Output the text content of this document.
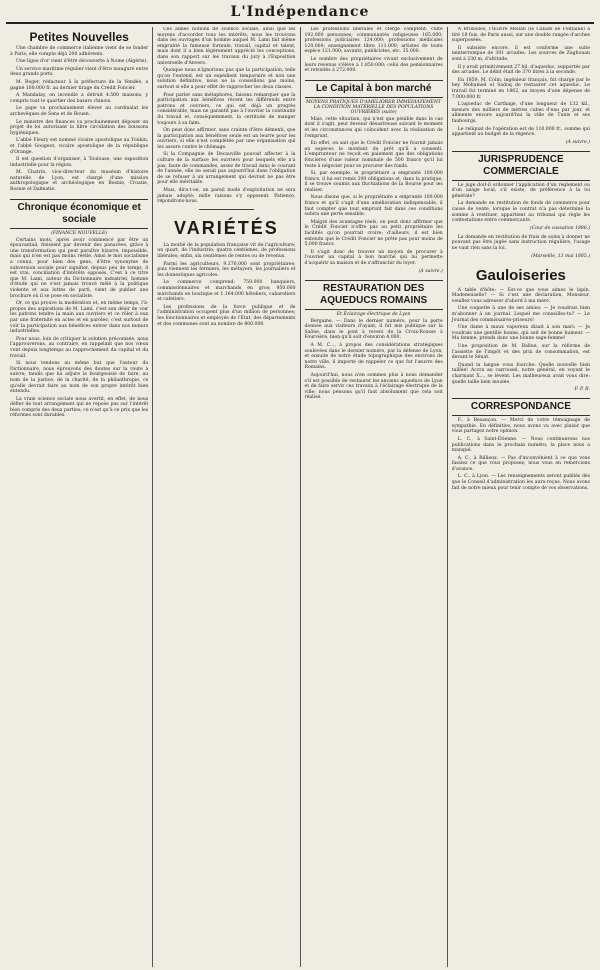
L'Indépendance
Petites Nouvelles
Une chambre de commerce italienne vient de se fonder à Paris; elle compte déjà 200 adhérents.
Une ligue d'or vient d'être découverte à Nome (Algérie).
Un service maritime régulier vient d'être inauguré entre deux grands ports.
M. Roger, rédacteur à la préfecture de la Vendée, a gagné 100.000 fr. au dernier tirage du Crédit Foncier.
A Mandalay, on incendie a détruit 4.500 maisons, y compris tout le quartier des bazars chinois.
Le pape va prochainement élever au cardinalat les archevêques de Sens et de Rouen.
Le ministre des finances va prochainement déposer un projet de loi autorisant la libre circulation des boissons hygiéniques.
L'abbé Fleury est nommé vicaire apostolique au Tonkin, et l'abbé Gougeot, vicaire apostolique de la république d'Orange.
Il est question d'organiser, à Toulouse, une exposition industrielle pour la région.
M. Chatrin, vice-directeur du muséum d'histoire naturelle de Lyon, est chargé d'une mission anthropologique et archéologique en Bosnie, Croatie, Bosnie et Dalmatie.
Chronique économique et sociale
(FINANCE NOUVELLE)
Certains mots, après avoir commencé par être un épouvantail, finissent par devenir des panacées, grâce à une transformation qui peut paraître bizarre, impossible, mais qui n'en est pas moins réelle. Ainsi le mot socialisme a connu, pour bien des gens, d'être synonyme de subversion sociale pour signifier, depuis peu de temps, il est vrai, conciliation d'intérêts opposés. C'est à ce titre que M. Lami, auteur du Dictionnaire industriel, homme d'étude qui ne s'est jamais trouvé mêlé à la politique violente et aux luttes de parti, vient de publier une brochure où il se pose en socialiste.
Or, ce qui prouve la modération et, en même temps, l'à-propos des aspirations de M. Lami, c'est son désir de voir les patrons tendre la main aux ouvriers et ce rôler à eux par une fraternité en actes et en paroles; c'est surtout de voir la participation aux bénéfices entrer dans nos mœurs industrielles.
Pour nous, loin de critiquer la solution préconisée, nous l'approuverons, au contraire, en rappelant que nos vœux vont depuis longtemps au rapprochement du capital et du travail.
Si nous tendons au même but que l'auteur du Dictionnaire, nous éprouvons des doutes sur la route à suivre; tandis que lui adjure la bourgeoisie de faire, au nom de la justice, de la charité, de la philanthropie, ce qu'elle devrait faire au nom de son propre intérêt bien entendu.
La vraie science sociale nous avertit, en effet, de nous défier de tout arrangement qui ne repose pas sur l'intérêt bien compris des deux parties; ce n'est qu'à ce prix que les réformes sont durables.
Ces aimes notions de science sociale, ainsi que les moyens d'accorder tous les intérêts, nous les trouvons dans les ouvrages d'un homme auquel M. Lami fait même emprunté la fameuse formule, travail, capital et talent, mais dont il a bien légèrement apprécié les conceptions, dans son rapport sur les travaux du jury à l'Exposition universelle d'Anvers.
Quoique nous n'ignorions pas que la participation, telle qu'on l'entend, est un expédient temporaire et non une solution définitive, nous ne la conseillons pas moins, surtout si elle a pour effet de rapprocher les deux classes.
Pour parler sans métaphores, faisons remarquer que la participation aux bénéfices récent les différends entre patrons et ouvriers, ce qui est déjà un progrès considérable, mais ne garantit pas à l'ouvrier la continuité du travail et, conséquemment, la certitude de manger toujours à sa faim.
On peut donc affirmer, sans crainte d'être démenti, que la participation aux bénéfices seule est un leurre pour les ouvriers, si elle n'est complétée par une organisation qui les assure contre le chômage.
Si la Compagnie de Decauville pouvait affecter à la culture de la surface les ouvriers pour lesquels elle n'a pas, faute de commandes, assez de travail dans le courant de l'année, elle ne serait pas aujourd'hui dans l'obligation de se refuser à un arrangement qui devrait ne pas être pour elle inévitable.
Mais, dira-t-on, un pareil mode d'exploitation ne sera jamais adopté; mille raisons s'y opposent. Patience, répondrons-nous.
VARIÉTÉS
La moitié de la population française vit de l'agriculture; un quart, de l'industrie; quatre centièmes, de professions libérales; enfin, six centièmes de rentes ou de revenus.
Parmi les agriculteurs, 9.370.000 sont propriétaires; puis viennent les fermiers, les métayers, les journaliers et les domestiques agricoles.
Le commerce comprend: 750.000 banquiers, commissionnaires et marchands en gros; 950.000 marchands en boutique et 1.164.000 hôteliers, cabaretiers et cafetiers.
Les professions de la force publique et de l'administration occupent plus d'un million de personnes; les fonctionnaires et employés de l'État, des départements et des communes sont au nombre de 800.000.
Les professions libérales et clergé comptent: culte 192.000 personnes; communautés religieuses 165.000; professions judiciaires 124.000; professions médicales 120.000; enseignement libre 111.000; artistes de toute espèce 121.000; savants, publicistes, etc. 35.000.
Le nombre des propriétaires vivant exclusivement de leurs revenus s'élève à 1.850.000; celui des pensionnaires et retraités à 272.000.
Le Capital à bon marché
MOYENS PRATIQUES D'AMÉLIORER IMMÉDIATEMENT LA CONDITION MATÉRIELLE DES POPULATIONS OUVRIÈRES (suite)
Mais, cette situation, qui n'est que pénible dans le cas dont il s'agit, peut devenir désastreuse suivant le moment et les circonstances qui coïncident avec la réalisation de l'emprunt.
En effet, on sait que le Crédit Foncier ne fournit jamais en espèces le montant du prêt qu'il a consenti. L'emprunteur ne reçoit en paiement que des obligations foncières d'une valeur nominale de 500 francs qu'il lui reste à négocier pour se procurer des fonds.
Si, par exemple, le propriétaire a emprunté 100.000 francs, il lui est remis 200 obligations et, dans la pratique, il se trouve soumis aux fluctuations de la Bourse pour les réaliser.
Nous disons que, si le propriétaire a emprunté 100.000 francs et qu'il s'agit d'une amélioration indispensable, il faut compter que tout emprunt fait dans ces conditions subira une perte sensible.
Malgré des avantages réels, on peut donc affirmer que le Crédit Foncier n'offre pas au petit propriétaire les facilités qu'on pourrait croire; d'ailleurs, il est bien entendu que le Crédit Foncier ne prête pas pour moins de 5.000 francs.
Il s'agit donc de trouver un moyen de procurer à l'ouvrier un capital à bon marché qui lui permette d'acquérir sa maison et de s'affranchir du loyer.
(A suivre.)
RESTAURATION DES AQUEDUCS ROMAINS
Et Éclairage électrique de Lyon
Bergame. — Dans le dernier numéro, pour la perte donnée aux visiteurs d'ayant, il fut mis publique sur la Saône, dans le pont à revers de la Croix-Rousse à Fourvière, bien qu'il soit d'environ 4.000.
A M. C..., à propos des considérations stratégiques soulevées dans le dernier numéro, par la défense de Lyon, et ensuite de notre étude topographique des environs de notre ville, il importe de rappeler ce que fut l'œuvre des Romains.
Aujourd'hui, nous n'en sommes plus à nous demander s'il est possible de restaurer les anciens aqueducs de Lyon et de faire servir ces travaux à l'éclairage électrique de la ville; nous pensons qu'il faut absolument que cela soit réalisé.
A Bruxelles, l'Œuvre Meilan (le Calade de Fontaine) a tiré 18 fois, de Paris aussi, sur une double rangée d'arches superposées.
Il subsiste encore, il est conforme une suite ininterrompue de 301 arcades. Les sources de Zaghouan sont à 230 m. d'altitude.
Il y avait primitivement 27 kil. d'aqueduc, supportés par des arcades. Le débit était de 370 litres à la seconde.
En 1859, M. Colin, ingénieur français, fut chargé par le bey Mohamed el Sadoq de restaurer cet aqueduc. Le travail fut terminé en 1862, au moyen d'une dépense de 7.000.000 fr.
L'aqueduc de Carthage, d'une longueur de 132 kil., mesure des milliers de mètres cubes d'eau par jour, et alimente encore aujourd'hui la ville de Tunis et ses faubourgs.
Le reliquat de l'opération est de 110.000 fr., somme qui appartient au budget de la régence.
(A suivre.)
JURISPRUDENCE COMMERCIALE
Le juge doit-il ordonner l'application d'un règlement ou d'un usage local, s'il existe, de préférence à la loi générale?
La demande en restitution de fonds de commerce pour cause de vente, lorsque le contrat n'a pas déterminé la somme à restituer, appartient au tribunal qui règle les contestations entre commerçants.
(Cour de cassation 1886.)
La demande en restitution de frais de soins à donner ne pouvant pas être jugée sans instruction régulière, l'usage ne vaut rien sans la loi.
(Marseille, 13 mai 1885.)
Gauloiseries
A table d'hôte: — Est-ce que vous aimez le lapin, Mademoiselle? — Si c'est une déclaration, Monsieur, veuillez vous adresser d'abord à ma mère.
Une coquette à une de ses amies: — Je voudrais bien m'abonner à un journal. Lequel me conseilles-tu? — Le Journal des commissaires-priseurs!
Une dame à maux vaporeux disait à son mari: — Je voudrais une gentille bonne, qui soit de bonne humeur. — Ma femme, prends donc une bonne sage-femme!
Une proposition de M. Ballue, sur la réforme de l'assiette de l'impôt et des prix de consommation, est devant le Sénat.
Quand la langue vous fourche: Quelle nouvelle bien taillée! Accra au carrousel, notre général, en voyant le charmant X..., se lèvent. Les malheureux avait vous dire: quelle taille bien moulée.
F. P. R.
CORRESPONDANCE
F., à Besançon. — Merci de votre témoignage de sympathie. En définitive, nous avons vu avec plaisir que vous partagez notre opinion.
L. C., à Saint-Étienne. — Nous continuerons nos publications dans le prochain numéro; la place nous a manqué.
A. C., à Rillieux. — Pas d'inconvénient à ce que vous fassiez ce que vous proposez; nous vous en remercions d'avance.
L. C., à Lyon. — Les renseignements seront publiés dès que le Conseil d'administration les aura reçus. Nous avons fait de notre mieux pour tenir compte de vos observations.
